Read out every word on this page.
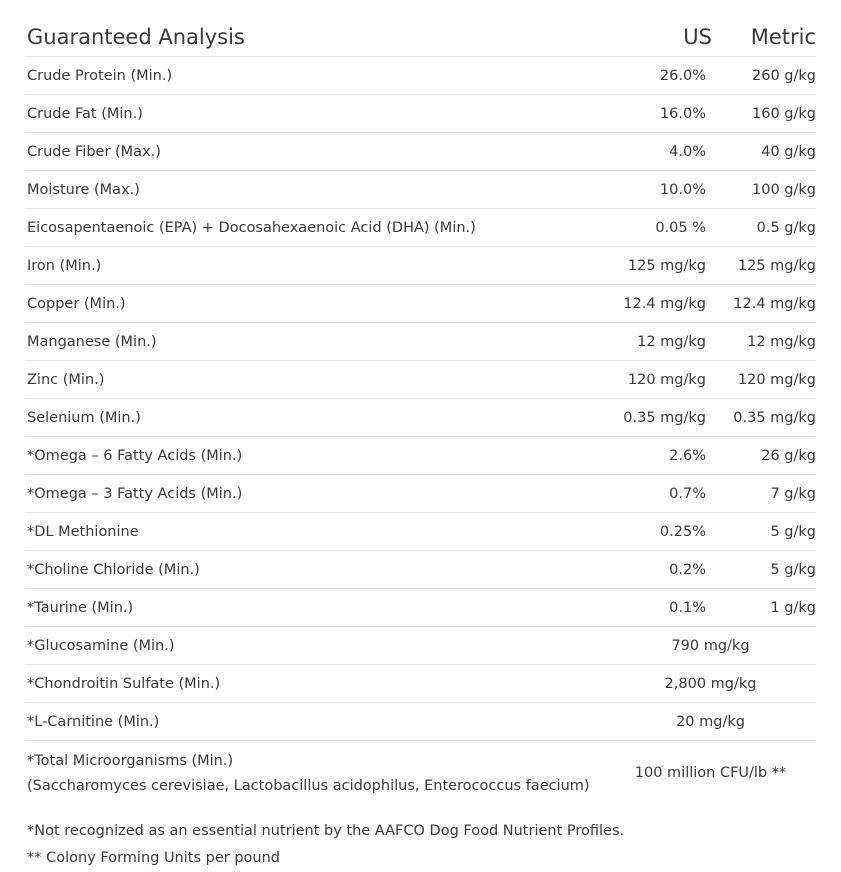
Guaranteed Analysis	US	Metric
Crude Protein (Min.)	26.0%	260 g/kg
Crude Fat (Min.)	16.0%	160 g/kg
Crude Fiber (Max.)	4.0%	40 g/kg
Moisture (Max.)	10.0%	100 g/kg
Eicosapentaenoic (EPA) + Docosahexaenoic Acid (DHA) (Min.)	0.05 %	0.5 g/kg
Iron (Min.)	125 mg/kg	125 mg/kg
Copper (Min.)	12.4 mg/kg	12.4 mg/kg
Manganese (Min.)	12 mg/kg	12 mg/kg
Zinc (Min.)	120 mg/kg	120 mg/kg
Selenium (Min.)	0.35 mg/kg	0.35 mg/kg
*Omega – 6 Fatty Acids (Min.)	2.6%	26 g/kg
*Omega – 3 Fatty Acids (Min.)	0.7%	7 g/kg
*DL Methionine	0.25%	5 g/kg
*Choline Chloride (Min.)	0.2%	5 g/kg
*Taurine (Min.)	0.1%	1 g/kg
*Glucosamine (Min.)	790 mg/kg	
*Chondroitin Sulfate (Min.)	2,800 mg/kg	
*L-Carnitine (Min.)	20 mg/kg	
*Total Microorganisms (Min.)
(Saccharomyces cerevisiae, Lactobacillus acidophilus, Enterococcus faecium)	100 million CFU/lb **	
*Not recognized as an essential nutrient by the AAFCO Dog Food Nutrient Profiles.
** Colony Forming Units per pound
